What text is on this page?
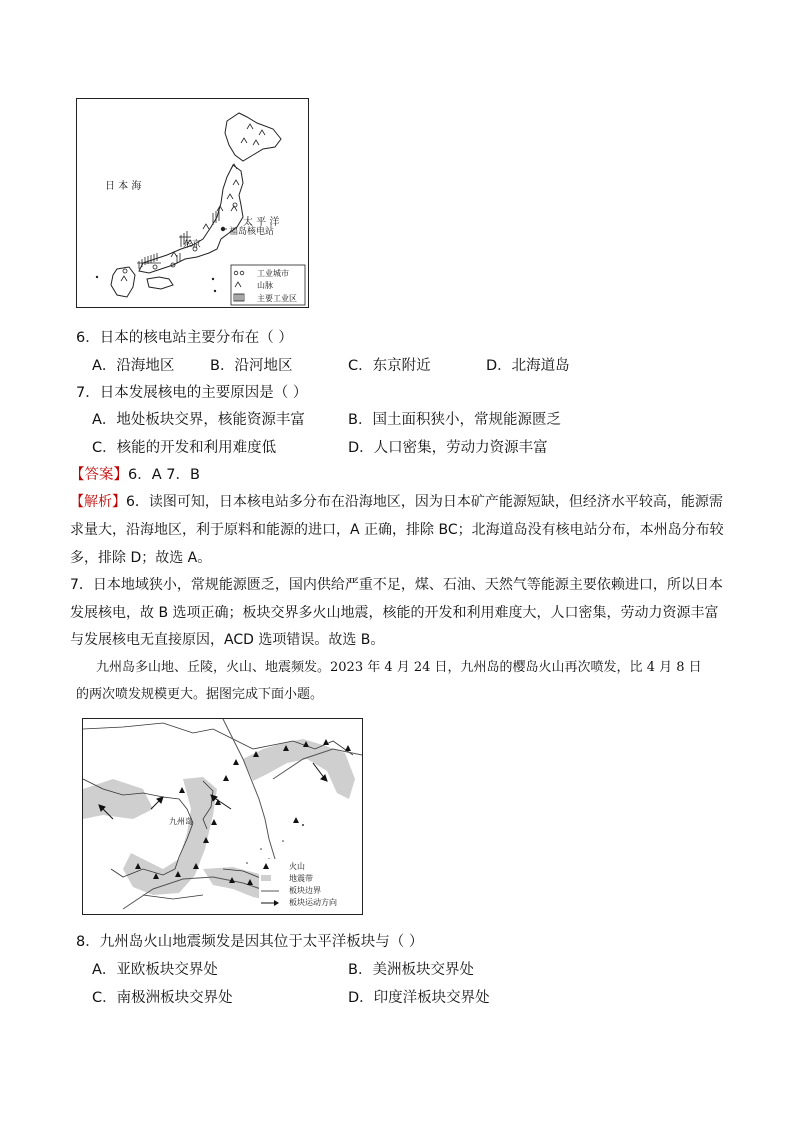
日 本 海
太 平 洋
福岛核电站
东京
工业城市
山脉
主要工业区
6．日本的核电站主要分布在（ ）
A．沿海地区 B．沿河地区	C．东京附近	D．北海道岛
7．日本发展核电的主要原因是（ ）
A．地处板块交界，核能资源丰富	B．国土面积狭小，常规能源匮乏
C．核能的开发和利用难度低	D．人口密集，劳动力资源丰富
【答案】6．A 7．B
【解析】6．读图可知，日本核电站多分布在沿海地区，因为日本矿产能源短缺，但经济水平较高，能源需
求量大，沿海地区，利于原料和能源的进口，A 正确，排除 BC；北海道岛没有核电站分布，本州岛分布较
多，排除 D；故选 A。
7．日本地域狭小，常规能源匮乏，国内供给严重不足，煤、石油、天然气等能源主要依赖进口，所以日本
发展核电，故 B 选项正确；板块交界多火山地震，核能的开发和利用难度大，人口密集，劳动力资源丰富
与发展核电无直接原因，ACD 选项错误。故选 B。
九州岛多山地、丘陵，火山、地震频发。2023 年 4 月 24 日，九州岛的樱岛火山再次喷发，比 4 月 8 日
的两次喷发规模更大。据图完成下面小题。
九州岛
火山
地震带
板块边界
板块运动方向
8．九州岛火山地震频发是因其位于太平洋板块与（ ）
A．亚欧板块交界处	B．美洲板块交界处
C．南极洲板块交界处	D．印度洋板块交界处
